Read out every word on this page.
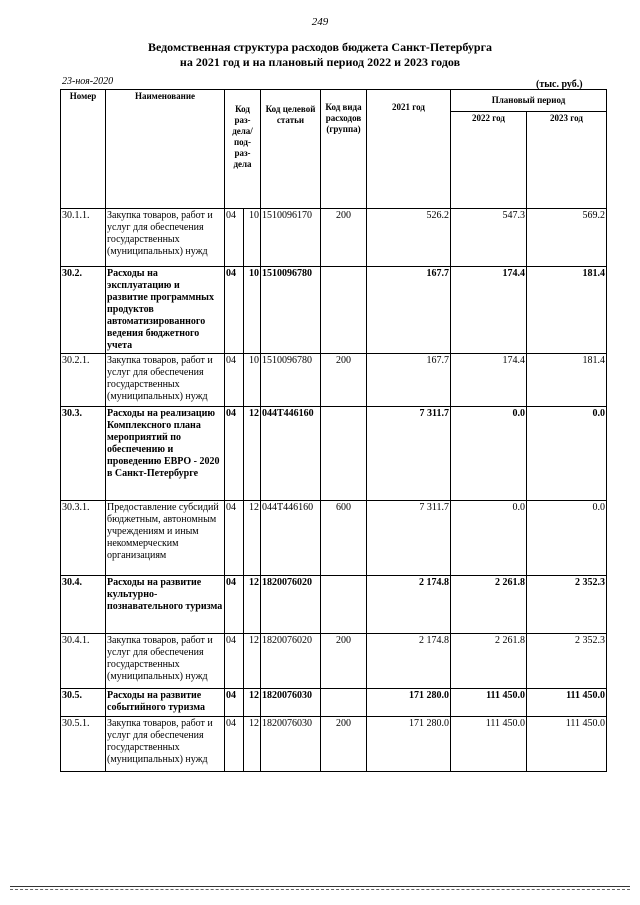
249
Ведомственная структура расходов бюджета Санкт-Петербурга
на 2021 год и на плановый период 2022 и 2023 годов
23-ноя-2020	(тыс. руб.)
Номер	Наименование	Код раз- дела/ под- раз- дела		Код целевой статьи	Код вида расходов (группа)	2021 год	Плановый период	
							2022 год	2023 год
30.1.1.	Закупка товаров, работ и услуг для обеспечения государственных (муниципальных) нужд	04	10	1510096170	200	526.2	547.3	569.2
30.2.	Расходы на эксплуатацию и развитие программных продуктов автоматизированного ведения бюджетного учета	04	10	1510096780		167.7	174.4	181.4
30.2.1.	Закупка товаров, работ и услуг для обеспечения государственных (муниципальных) нужд	04	10	1510096780	200	167.7	174.4	181.4
30.3.	Расходы на реализацию Комплексного плана мероприятий по обеспечению и проведению ЕВРО - 2020 в Санкт-Петербурге	04	12	044Т446160		7 311.7	0.0	0.0
30.3.1.	Предоставление субсидий бюджетным, автономным учреждениям и иным некоммерческим организациям	04	12	044Т446160	600	7 311.7	0.0	0.0
30.4.	Расходы на развитие культурно-познавательного туризма	04	12	1820076020		2 174.8	2 261.8	2 352.3
30.4.1.	Закупка товаров, работ и услуг для обеспечения государственных (муниципальных) нужд	04	12	1820076020	200	2 174.8	2 261.8	2 352.3
30.5.	Расходы на развитие событийного туризма	04	12	1820076030		171 280.0	111 450.0	111 450.0
30.5.1.	Закупка товаров, работ и услуг для обеспечения государственных (муниципальных) нужд	04	12	1820076030	200	171 280.0	111 450.0	111 450.0
